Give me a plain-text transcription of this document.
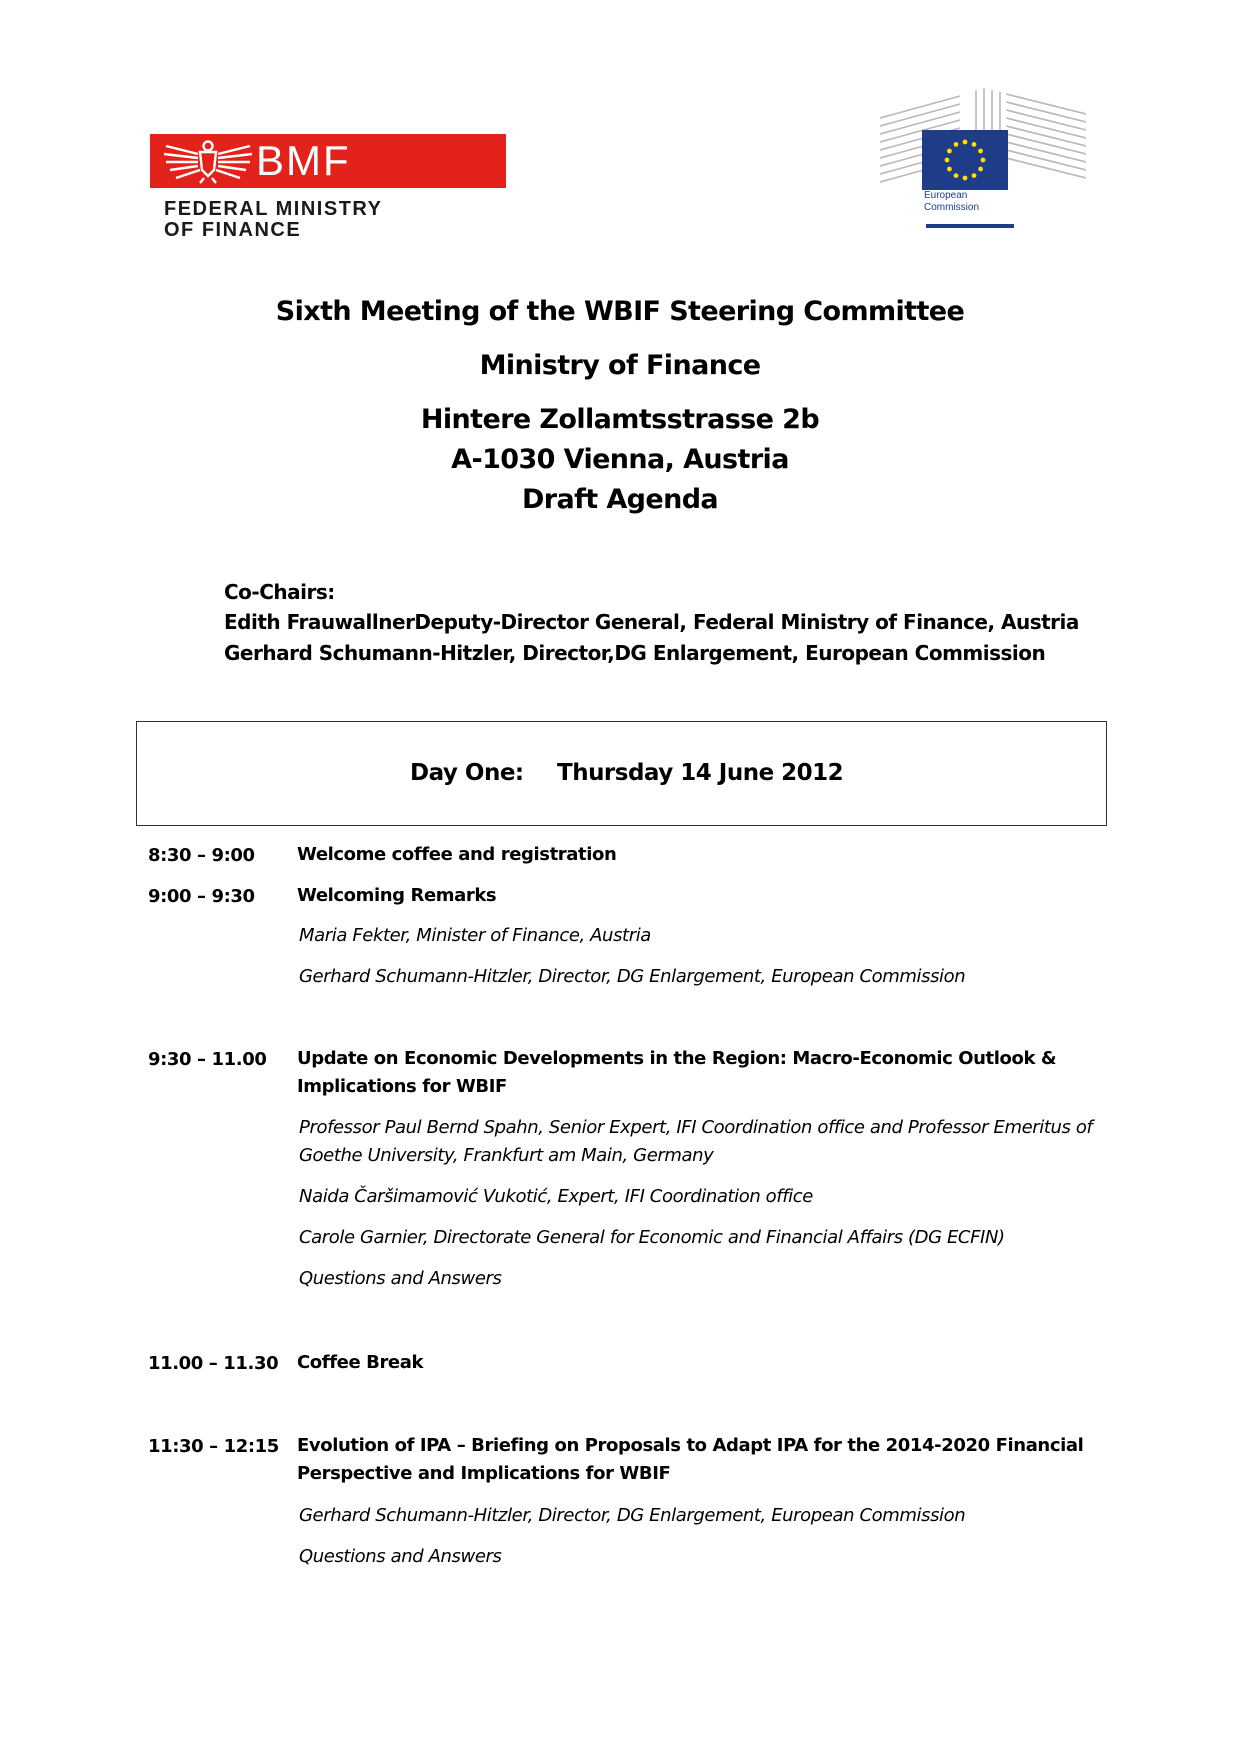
BMF
FEDERAL MINISTRY
OF FINANCE
European
Commission
Sixth Meeting of the WBIF Steering Committee
Ministry of Finance
Hintere Zollamtsstrasse 2b
A-1030 Vienna, Austria
Draft Agenda
Co-Chairs:
Edith FrauwallnerDeputy-Director General, Federal Ministry of Finance, Austria
Gerhard Schumann-Hitzler, Director,DG Enlargement, European Commission
Day One: Thursday 14 June 2012
8:30 – 9:00 Welcome coffee and registration
9:00 – 9:30 Welcoming Remarks
Maria Fekter, Minister of Finance, Austria
Gerhard Schumann-Hitzler, Director, DG Enlargement, European Commission
9:30 – 11.00 Update on Economic Developments in the Region: Macro-Economic Outlook & Implications for WBIF
Professor Paul Bernd Spahn, Senior Expert, IFI Coordination office and Professor Emeritus of Goethe University, Frankfurt am Main, Germany
Naida Čaršimamović Vukotić, Expert, IFI Coordination office
Carole Garnier, Directorate General for Economic and Financial Affairs (DG ECFIN)
Questions and Answers
11.00 – 11.30 Coffee Break
11:30 – 12:15 Evolution of IPA – Briefing on Proposals to Adapt IPA for the 2014-2020 Financial Perspective and Implications for WBIF
Gerhard Schumann-Hitzler, Director, DG Enlargement, European Commission
Questions and Answers
